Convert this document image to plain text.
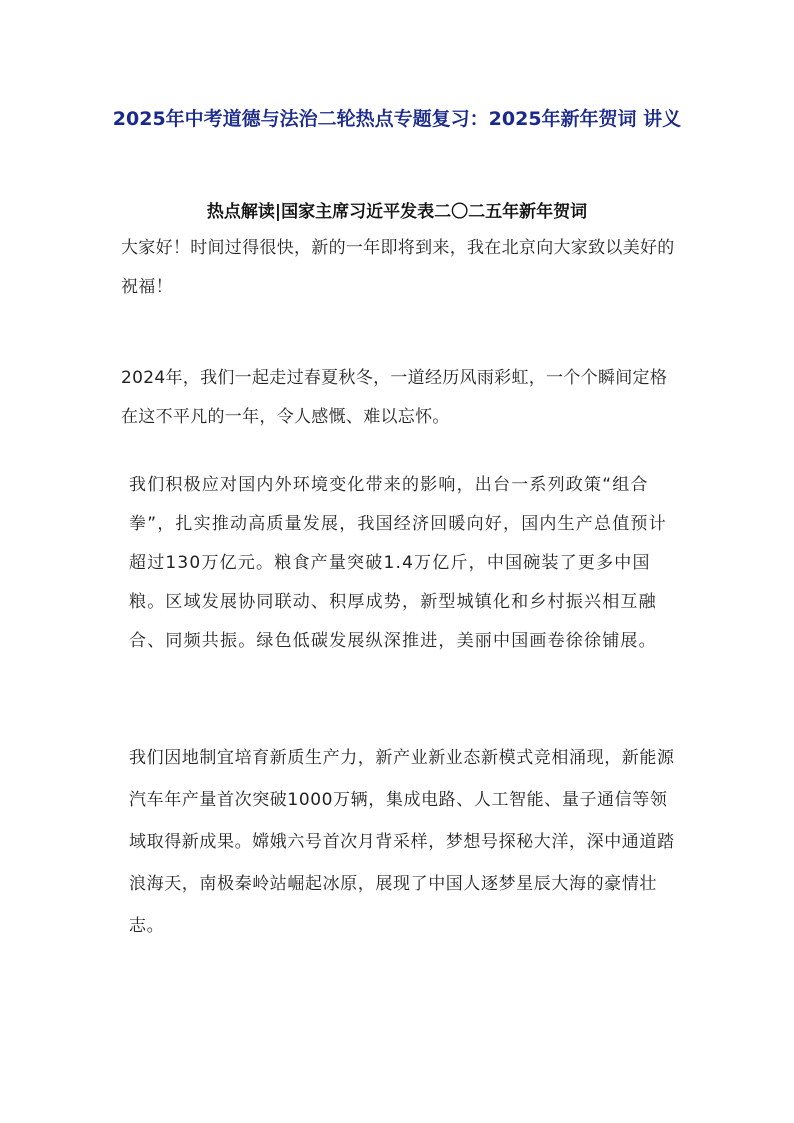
2025年中考道德与法治二轮热点专题复习：2025年新年贺词 讲义
热点解读|国家主席习近平发表二〇二五年新年贺词

大家好！时间过得很快，新的一年即将到来，我在北京向大家致以美好的祝福！

2024年，我们一起走过春夏秋冬，一道经历风雨彩虹，一个个瞬间定格在这不平凡的一年，令人感慨、难以忘怀。

我们积极应对国内外环境变化带来的影响，出台一系列政策“组合拳”，扎实推动高质量发展，我国经济回暖向好，国内生产总值预计超过130万亿元。粮食产量突破1.4万亿斤，中国碗装了更多中国粮。区域发展协同联动、积厚成势，新型城镇化和乡村振兴相互融合、同频共振。绿色低碳发展纵深推进，美丽中国画卷徐徐铺展。

我们因地制宜培育新质生产力，新产业新业态新模式竞相涌现，新能源汽车年产量首次突破1000万辆，集成电路、人工智能、量子通信等领域取得新成果。嫦娥六号首次月背采样，梦想号探秘大洋，深中通道踏浪海天，南极秦岭站崛起冰原，展现了中国人逐梦星辰大海的豪情壮志。
